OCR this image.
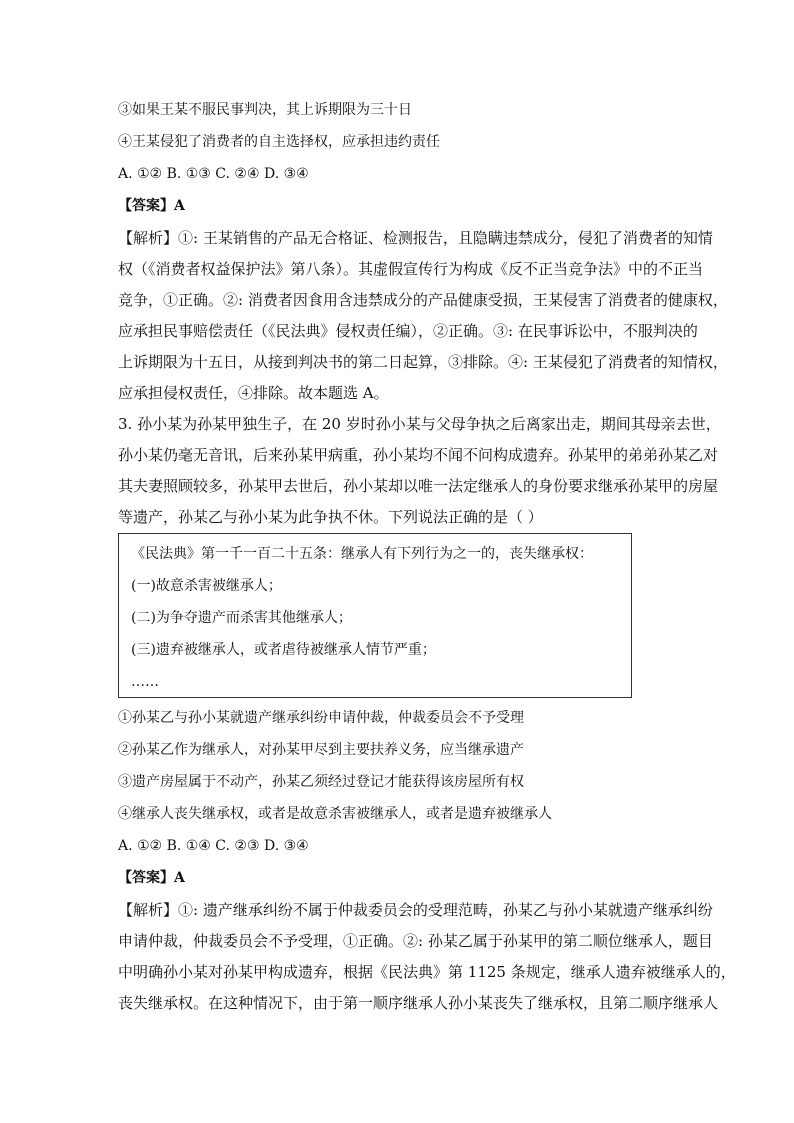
③如果王某不服民事判决，其上诉期限为三十日
④王某侵犯了消费者的自主选择权，应承担违约责任
A. ①② B. ①③ C. ②④ D. ③④
【答案】A
【解析】①: 王某销售的产品无合格证、检测报告，且隐瞒违禁成分，侵犯了消费者的知情
权（《消费者权益保护法》第八条）。其虚假宣传行为构成《反不正当竞争法》中的不正当
竞争，①正确。②: 消费者因食用含违禁成分的产品健康受损，王某侵害了消费者的健康权，
应承担民事赔偿责任（《民法典》侵权责任编），②正确。③: 在民事诉讼中，不服判决的
上诉期限为十五日，从接到判决书的第二日起算，③排除。④: 王某侵犯了消费者的知情权，
应承担侵权责任，④排除。故本题选 A。
3. 孙小某为孙某甲独生子，在 20 岁时孙小某与父母争执之后离家出走，期间其母亲去世，
孙小某仍毫无音讯，后来孙某甲病重，孙小某均不闻不问构成遗弃。孙某甲的弟弟孙某乙对
其夫妻照顾较多，孙某甲去世后，孙小某却以唯一法定继承人的身份要求继承孙某甲的房屋
等遗产，孙某乙与孙小某为此争执不休。下列说法正确的是（ ）
《民法典》第一千一百二十五条：继承人有下列行为之一的，丧失继承权：
(一)故意杀害被继承人；
(二)为争夺遗产而杀害其他继承人；
(三)遗弃被继承人，或者虐待被继承人情节严重；
……
①孙某乙与孙小某就遗产继承纠纷申请仲裁，仲裁委员会不予受理
②孙某乙作为继承人，对孙某甲尽到主要扶养义务，应当继承遗产
③遗产房屋属于不动产，孙某乙须经过登记才能获得该房屋所有权
④继承人丧失继承权，或者是故意杀害被继承人，或者是遗弃被继承人
A. ①② B. ①④ C. ②③ D. ③④
【答案】A
【解析】①: 遗产继承纠纷不属于仲裁委员会的受理范畴，孙某乙与孙小某就遗产继承纠纷
申请仲裁，仲裁委员会不予受理，①正确。②: 孙某乙属于孙某甲的第二顺位继承人，题目
中明确孙小某对孙某甲构成遗弃，根据《民法典》第 1125 条规定，继承人遗弃被继承人的，
丧失继承权。在这种情况下，由于第一顺序继承人孙小某丧失了继承权，且第二顺序继承人
